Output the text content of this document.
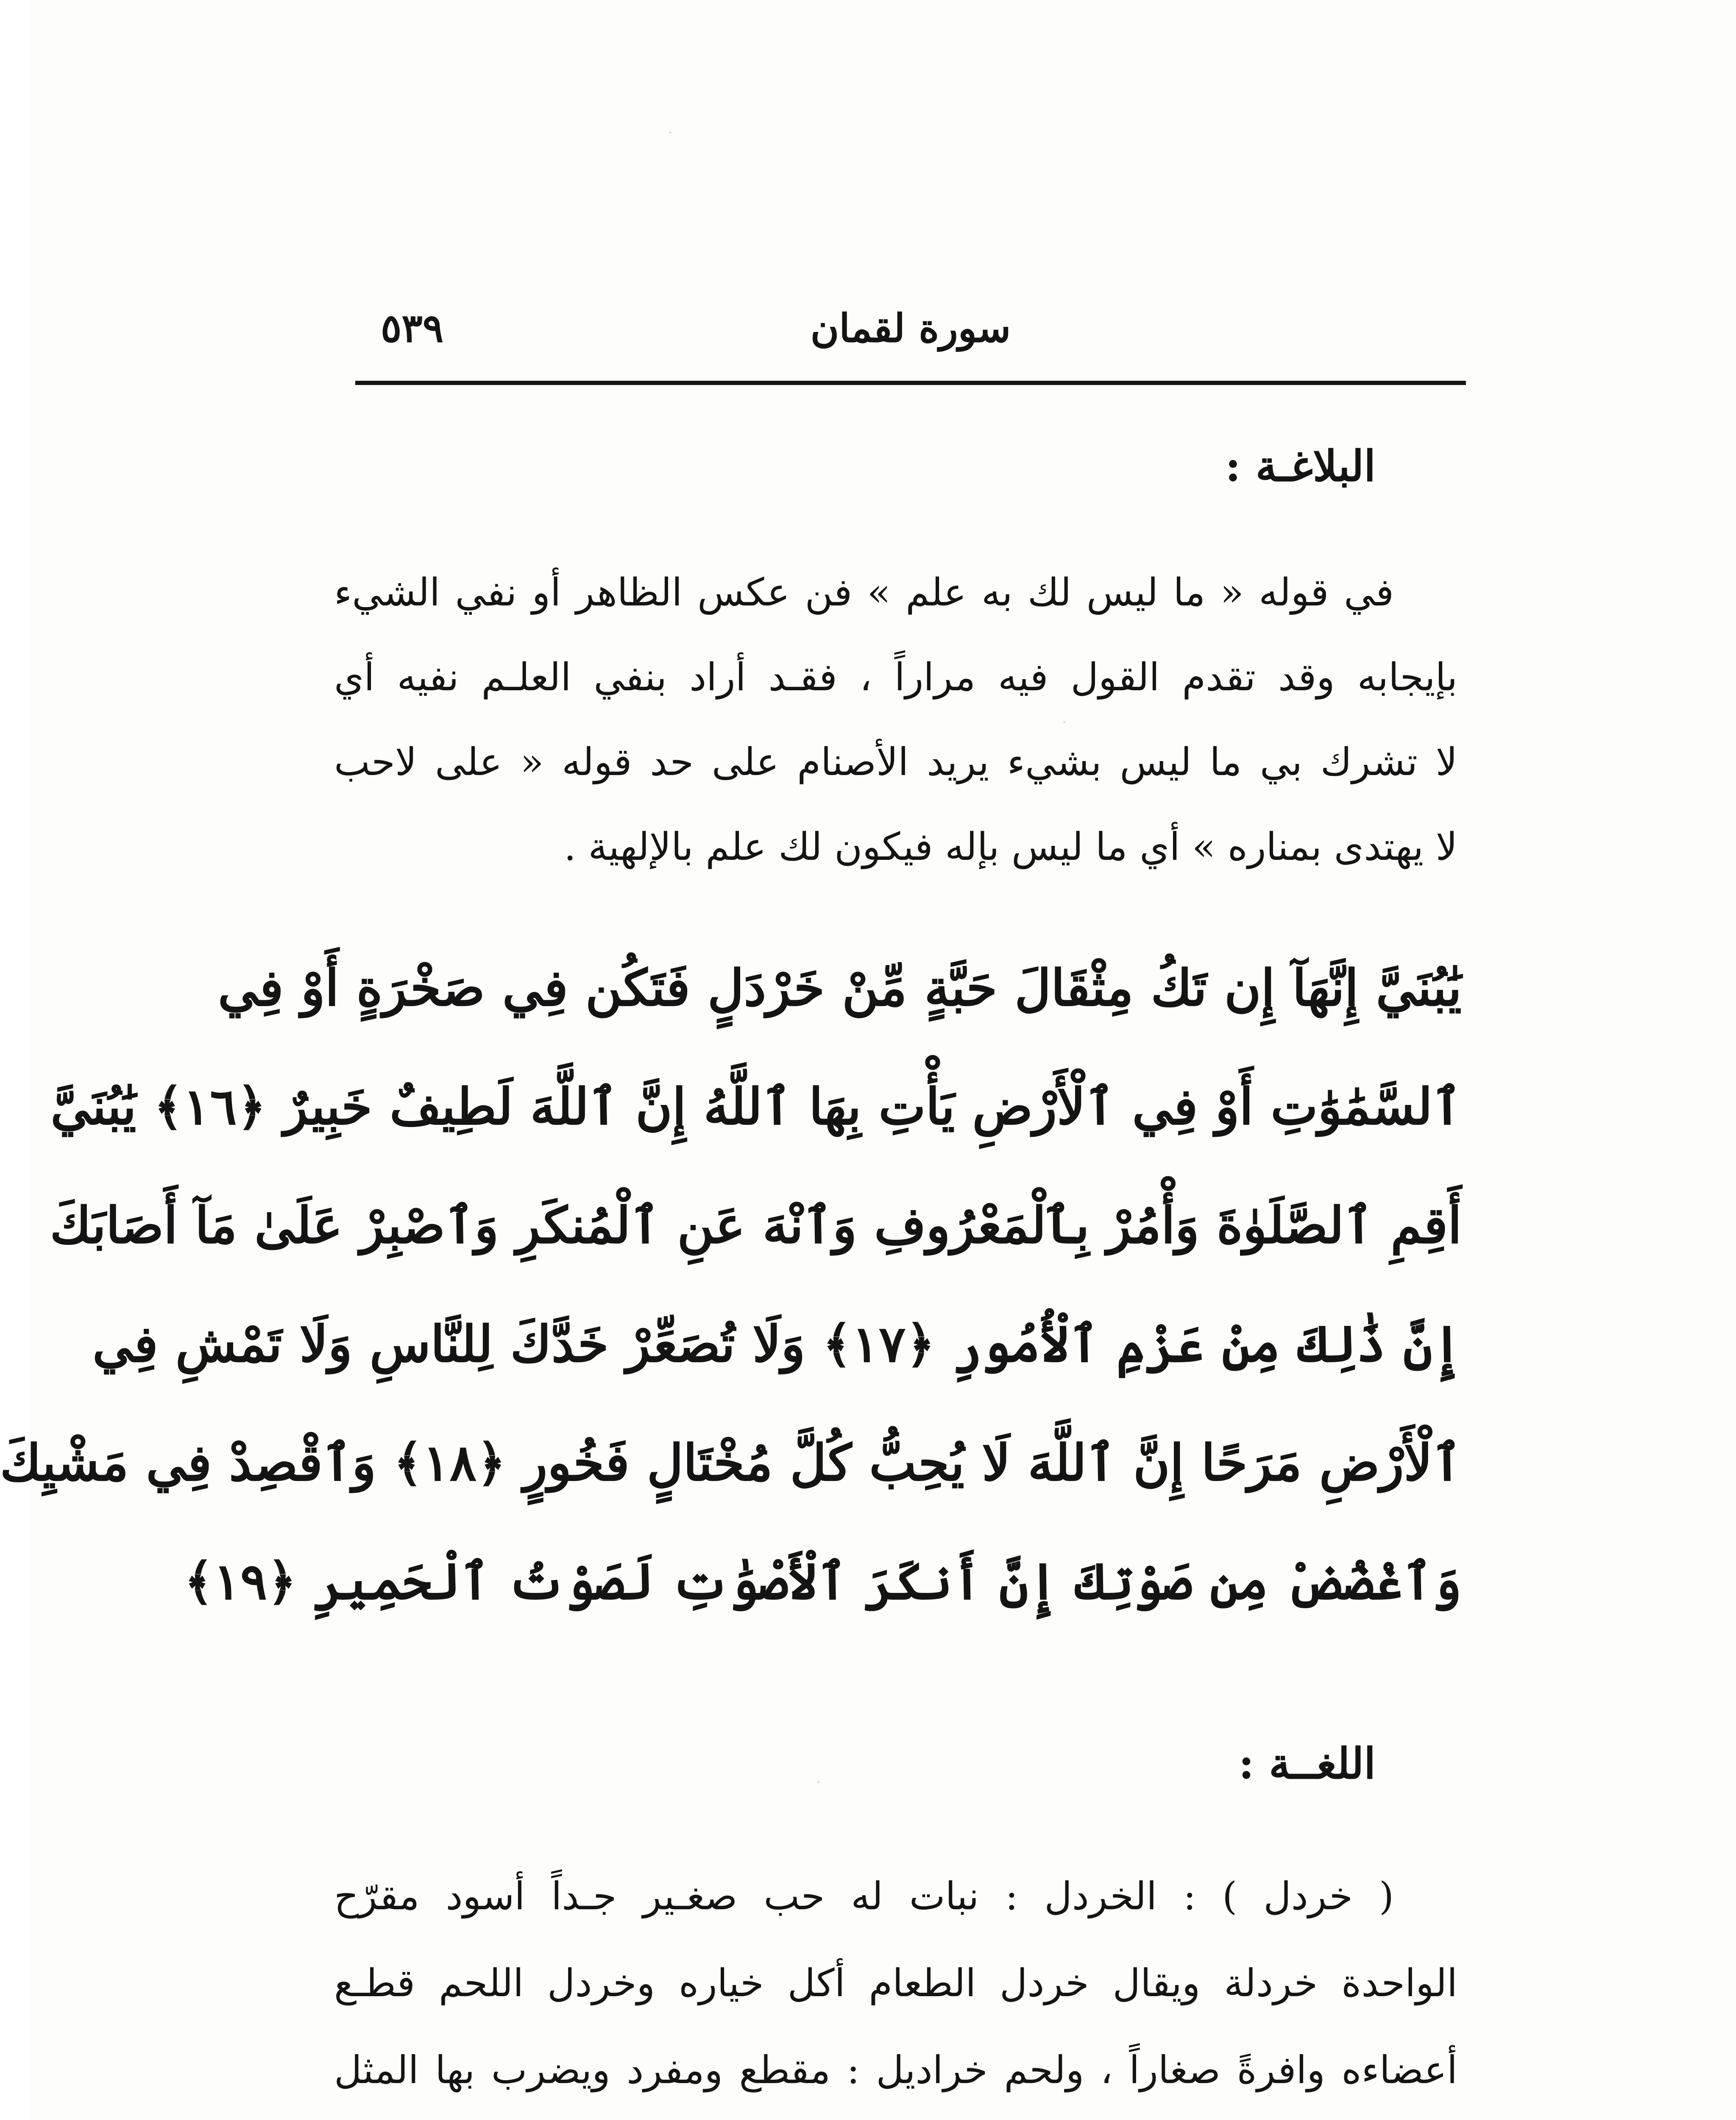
سورة لقمان
٥٣٩
البلاغـة :
في قوله « ما ليس لك به علم » فن عكس الظاهر أو نفي الشيء
بإيجابه وقد تقدم القول فيه مراراً ، فقـد أراد بنفي العلـم نفيه أي
لا تشرك بي ما ليس بشيء يريد الأصنام على حد قوله « على لاحب
لا يهتدى بمناره » أي ما ليس بإله فيكون لك علم بالإلهية .
يَٰبُنَيَّ إِنَّهَآ إِن تَكُ مِثْقَالَ حَبَّةٍ مِّنْ خَرْدَلٍ فَتَكُن فِي صَخْرَةٍ أَوْ فِي
ٱلسَّمَٰوَٰتِ أَوْ فِي ٱلْأَرْضِ يَأْتِ بِهَا ٱللَّهُ إِنَّ ٱللَّهَ لَطِيفٌ خَبِيرٌ ﴿١٦﴾ يَٰبُنَيَّ
أَقِمِ ٱلصَّلَوٰةَ وَأْمُرْ بِٱلْمَعْرُوفِ وَٱنْهَ عَنِ ٱلْمُنكَرِ وَٱصْبِرْ عَلَىٰ مَآ أَصَابَكَ
إِنَّ ذَٰلِكَ مِنْ عَزْمِ ٱلْأُمُورِ ﴿١٧﴾ وَلَا تُصَعِّرْ خَدَّكَ لِلنَّاسِ وَلَا تَمْشِ فِي
ٱلْأَرْضِ مَرَحًا إِنَّ ٱللَّهَ لَا يُحِبُّ كُلَّ مُخْتَالٍ فَخُورٍ ﴿١٨﴾ وَٱقْصِدْ فِي مَشْيِكَ
وَٱغْضُضْ مِن صَوْتِكَ إِنَّ أَنكَرَ ٱلْأَصْوَٰتِ لَصَوْتُ ٱلْحَمِيرِ ﴿١٩﴾
اللغــة :
( خردل ) : الخردل : نبات له حب صغـير جـداً أسود مقرّح
الواحدة خردلة ويقال خردل الطعام أكل خياره وخردل اللحم قطـع
أعضاءه وافرةً صغاراً ، ولحم خراديل : مقطع ومفرد ويضرب بها المثل
